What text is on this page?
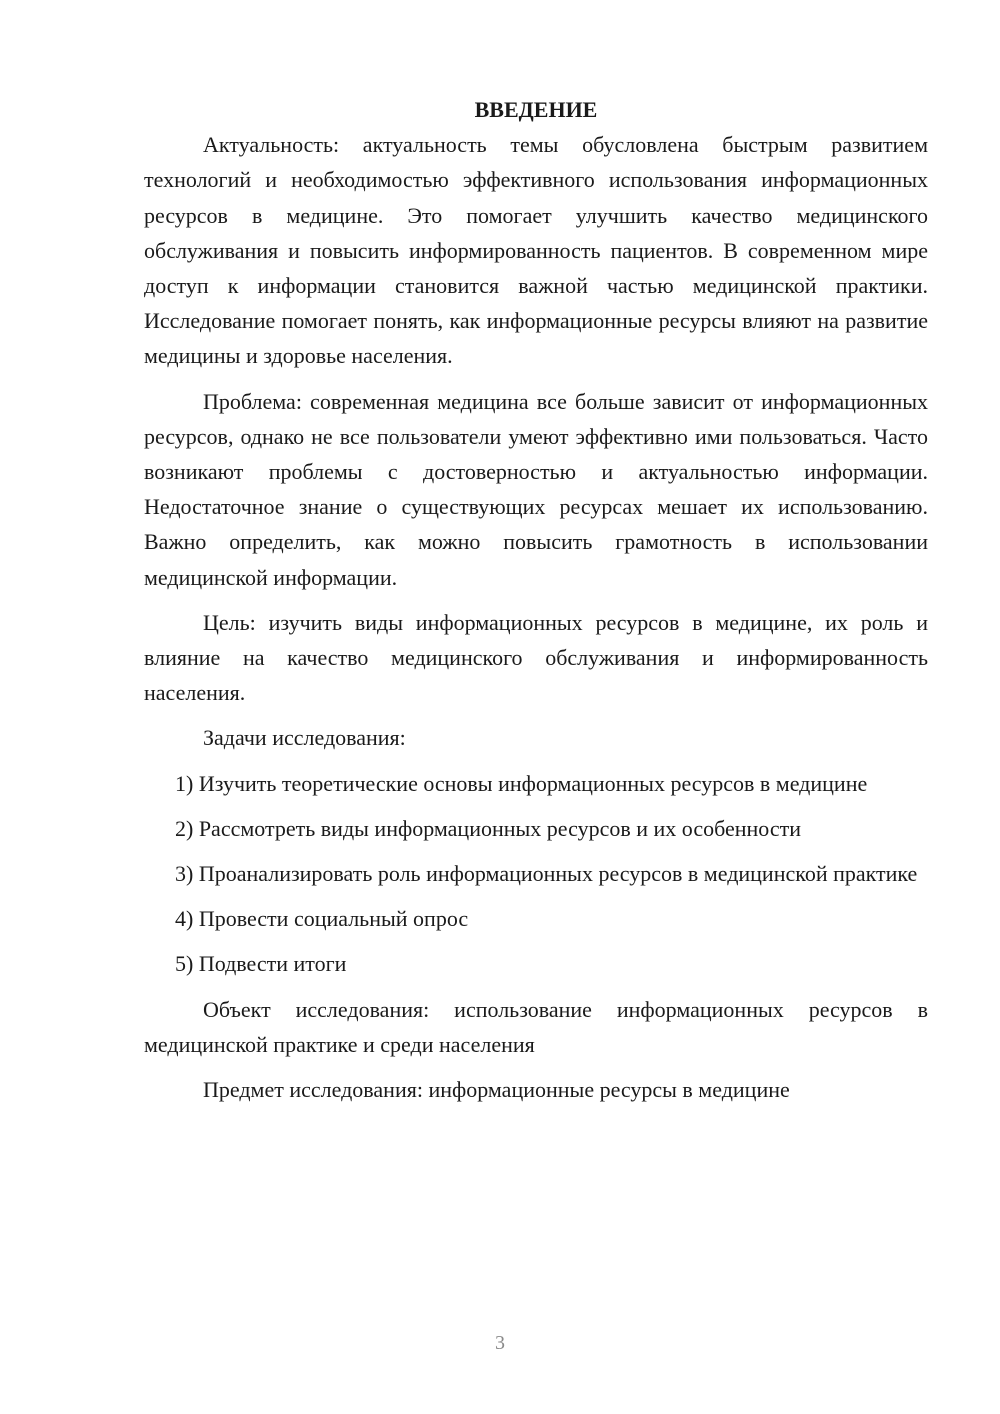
ВВЕДЕНИЕ

Актуальность: актуальность темы обусловлена быстрым развитием технологий и необходимостью эффективного использования информационных ресурсов в медицине. Это помогает улучшить качество медицинского обслуживания и повысить информированность пациентов. В современном мире доступ к информации становится важной частью медицинской практики. Исследование помогает понять, как информационные ресурсы влияют на развитие медицины и здоровье населения.

Проблема: современная медицина все больше зависит от информационных ресурсов, однако не все пользователи умеют эффективно ими пользоваться. Часто возникают проблемы с достоверностью и актуальностью информации. Недостаточное знание о существующих ресурсах мешает их использованию. Важно определить, как можно повысить грамотность в использовании медицинской информации.

Цель: изучить виды информационных ресурсов в медицине, их роль и влияние на качество медицинского обслуживания и информированность населения.

Задачи исследования:

1) Изучить теоретические основы информационных ресурсов в медицине

2) Рассмотреть виды информационных ресурсов и их особенности

3) Проанализировать роль информационных ресурсов в медицинской практике

4) Провести социальный опрос

5) Подвести итоги

Объект исследования: использование информационных ресурсов в медицинской практике и среди населения

Предмет исследования: информационные ресурсы в медицине

3
